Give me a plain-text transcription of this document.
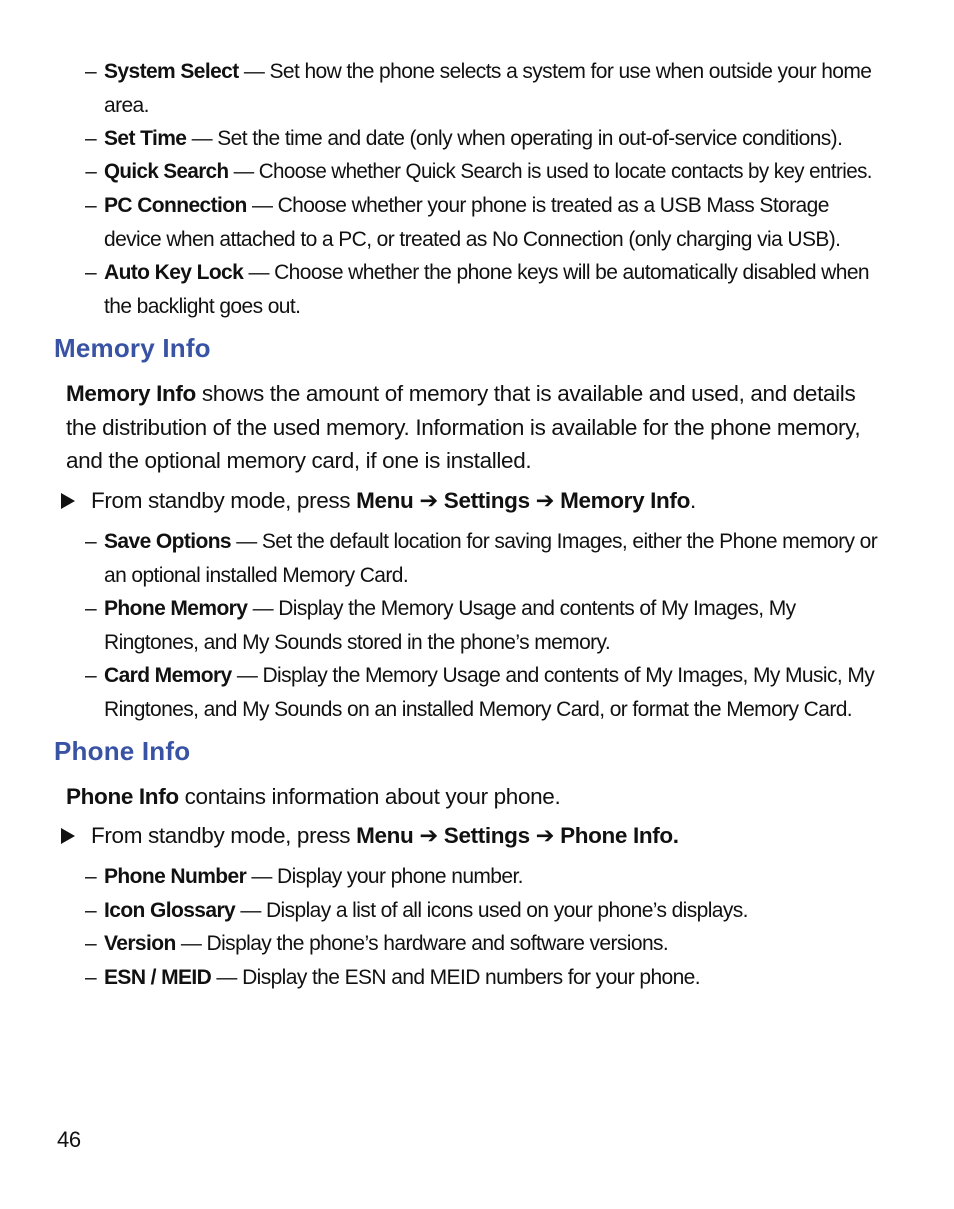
– System Select — Set how the phone selects a system for use when outside your home area.
– Set Time — Set the time and date (only when operating in out-of-service conditions).
– Quick Search — Choose whether Quick Search is used to locate contacts by key entries.
– PC Connection — Choose whether your phone is treated as a USB Mass Storage device when attached to a PC, or treated as No Connection (only charging via USB).
– Auto Key Lock — Choose whether the phone keys will be automatically disabled when the backlight goes out.
Memory Info

Memory Info shows the amount of memory that is available and used, and details the distribution of the used memory. Information is available for the phone memory, and the optional memory card, if one is installed.

From standby mode, press Menu ➔ Settings ➔ Memory Info.

– Save Options — Set the default location for saving Images, either the Phone memory or an optional installed Memory Card.
– Phone Memory — Display the Memory Usage and contents of My Images, My Ringtones, and My Sounds stored in the phone’s memory.
– Card Memory — Display the Memory Usage and contents of My Images, My Music, My Ringtones, and My Sounds on an installed Memory Card, or format the Memory Card.
Phone Info

Phone Info contains information about your phone.

From standby mode, press Menu ➔ Settings ➔ Phone Info.

– Phone Number — Display your phone number.
– Icon Glossary — Display a list of all icons used on your phone’s displays.
– Version — Display the phone’s hardware and software versions.
– ESN / MEID — Display the ESN and MEID numbers for your phone.
46
